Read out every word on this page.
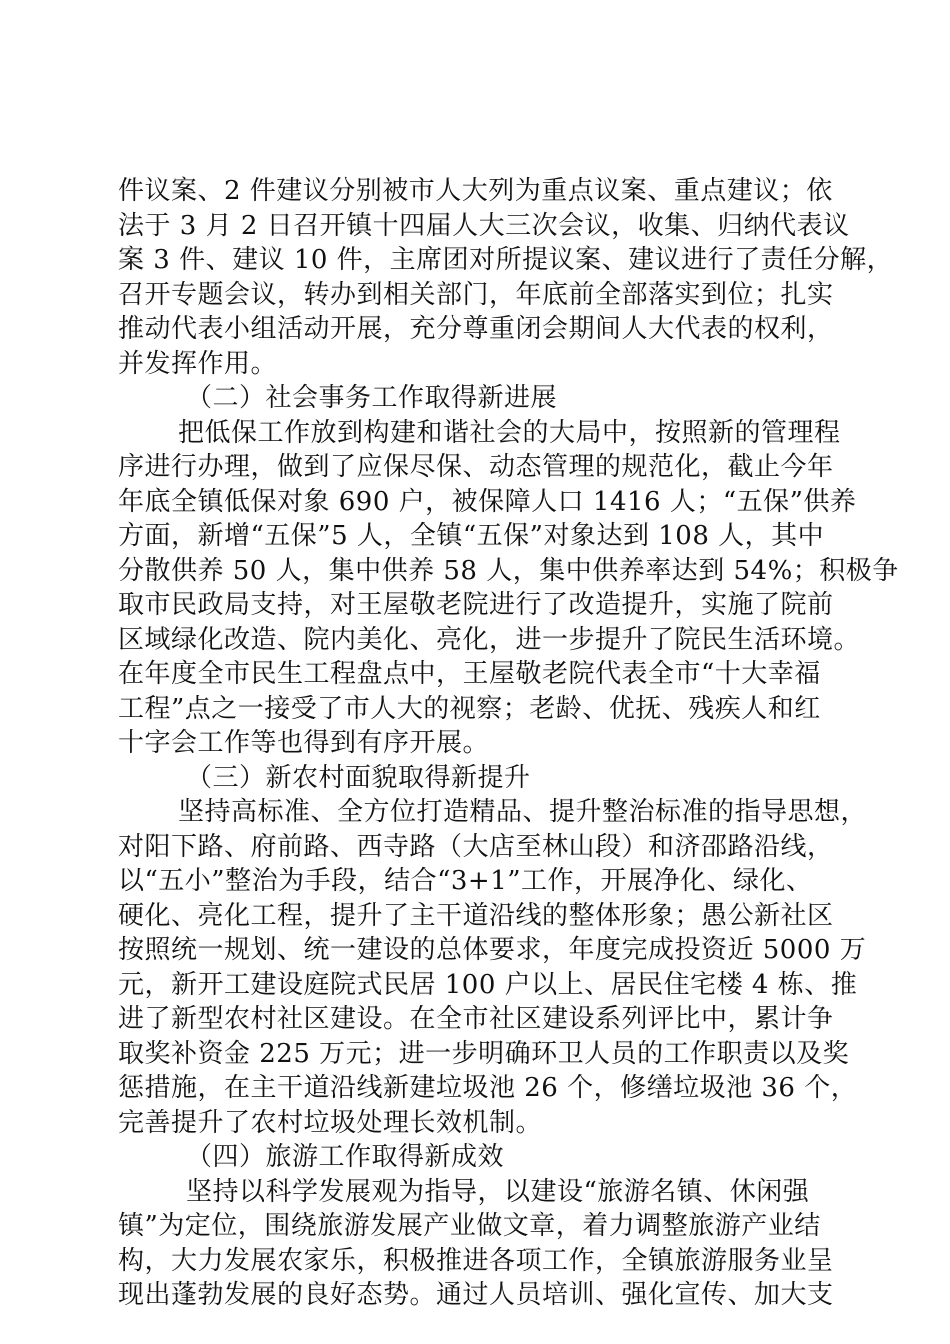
件议案、2 件建议分别被市人大列为重点议案、重点建议；依
法于 3 月 2 日召开镇十四届人大三次会议，收集、归纳代表议
案 3 件、建议 10 件，主席团对所提议案、建议进行了责任分解，
召开专题会议，转办到相关部门，年底前全部落实到位；扎实
推动代表小组活动开展，充分尊重闭会期间人大代表的权利，
并发挥作用。
（二）社会事务工作取得新进展
把低保工作放到构建和谐社会的大局中，按照新的管理程
序进行办理，做到了应保尽保、动态管理的规范化，截止今年
年底全镇低保对象 690 户，被保障人口 1416 人；“五保”供养
方面，新增“五保”5 人，全镇“五保”对象达到 108 人，其中
分散供养 50 人，集中供养 58 人，集中供养率达到 54%；积极争
取市民政局支持，对王屋敬老院进行了改造提升，实施了院前
区域绿化改造、院内美化、亮化，进一步提升了院民生活环境。
在年度全市民生工程盘点中，王屋敬老院代表全市“十大幸福
工程”点之一接受了市人大的视察；老龄、优抚、残疾人和红
十字会工作等也得到有序开展。
（三）新农村面貌取得新提升
坚持高标准、全方位打造精品、提升整治标准的指导思想，
对阳下路、府前路、西寺路（大店至林山段）和济邵路沿线，
以“五小”整治为手段，结合“3+1”工作，开展净化、绿化、
硬化、亮化工程，提升了主干道沿线的整体形象；愚公新社区
按照统一规划、统一建设的总体要求，年度完成投资近 5000 万
元，新开工建设庭院式民居 100 户以上、居民住宅楼 4 栋、推
进了新型农村社区建设。在全市社区建设系列评比中，累计争
取奖补资金 225 万元；进一步明确环卫人员的工作职责以及奖
惩措施，在主干道沿线新建垃圾池 26 个，修缮垃圾池 36 个，
完善提升了农村垃圾处理长效机制。
（四）旅游工作取得新成效
坚持以科学发展观为指导，以建设“旅游名镇、休闲强
镇”为定位，围绕旅游发展产业做文章，着力调整旅游产业结
构，大力发展农家乐，积极推进各项工作，全镇旅游服务业呈
现出蓬勃发展的良好态势。通过人员培训、强化宣传、加大支
